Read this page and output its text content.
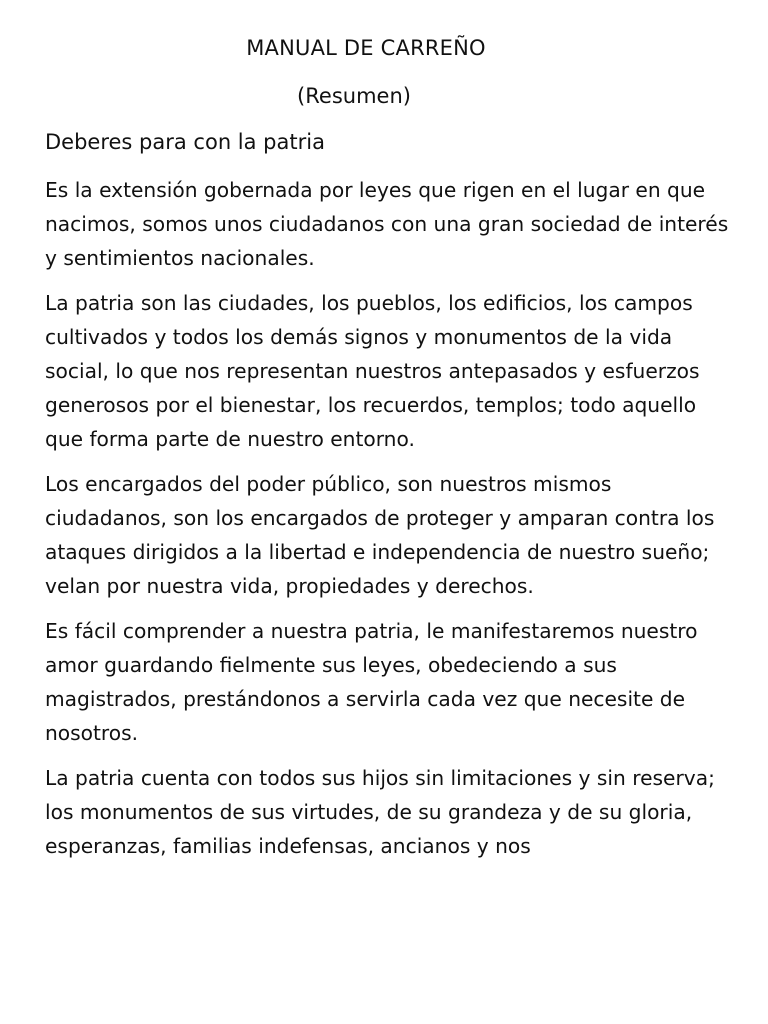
MANUAL DE CARREÑO

(Resumen)

Deberes para con la patria

Es la extensión gobernada por leyes que rigen en el lugar en que nacimos, somos unos ciudadanos con una gran sociedad de interés y sentimientos nacionales.

La patria son las ciudades, los pueblos, los edificios, los campos cultivados y todos los demás signos y monumentos de la vida social, lo que nos representan nuestros antepasados y esfuerzos generosos por el bienestar, los recuerdos, templos; todo aquello que forma parte de nuestro entorno.

Los encargados del poder público, son nuestros mismos ciudadanos, son los encargados de proteger y amparan contra los ataques dirigidos a la libertad e independencia de nuestro sueño; velan por nuestra vida, propiedades y derechos.

Es fácil comprender a nuestra patria, le manifestaremos nuestro amor guardando fielmente sus leyes, obedeciendo a sus magistrados, prestándonos a servirla cada vez que necesite de nosotros.

La patria cuenta con todos sus hijos sin limitaciones y sin reserva; los monumentos de sus virtudes, de su grandeza y de su gloria, esperanzas, familias indefensas, ancianos y nos
